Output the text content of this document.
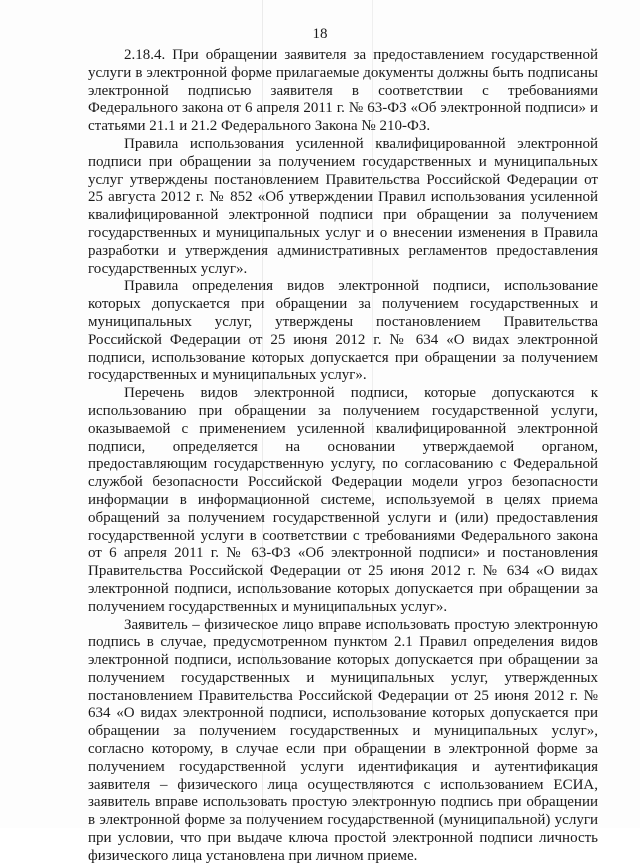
18

2.18.4. При обращении заявителя за предоставлением государственной услуги в электронной форме прилагаемые документы должны быть подписаны электронной подписью заявителя в соответствии с требованиями Федерального закона от 6 апреля 2011 г. № 63-ФЗ «Об электронной подписи» и статьями 21.1 и 21.2 Федерального Закона № 210-ФЗ.

Правила использования усиленной квалифицированной электронной подписи при обращении за получением государственных и муниципальных услуг утверждены постановлением Правительства Российской Федерации от 25 августа 2012 г. № 852 «Об утверждении Правил использования усиленной квалифицированной электронной подписи при обращении за получением государственных и муниципальных услуг и о внесении изменения в Правила разработки и утверждения административных регламентов предоставления государственных услуг».

Правила определения видов электронной подписи, использование которых допускается при обращении за получением государственных и муниципальных услуг, утверждены постановлением Правительства Российской Федерации от 25 июня 2012 г. № 634 «О видах электронной подписи, использование которых допускается при обращении за получением государственных и муниципальных услуг».

Перечень видов электронной подписи, которые допускаются к использованию при обращении за получением государственной услуги, оказываемой с применением усиленной квалифицированной электронной подписи, определяется на основании утверждаемой органом, предоставляющим государственную услугу, по согласованию с Федеральной службой безопасности Российской Федерации модели угроз безопасности информации в информационной системе, используемой в целях приема обращений за получением государственной услуги и (или) предоставления государственной услуги в соответствии с требованиями Федерального закона от 6 апреля 2011 г. № 63-ФЗ «Об электронной подписи» и постановления Правительства Российской Федерации от 25 июня 2012 г. № 634 «О видах электронной подписи, использование которых допускается при обращении за получением государственных и муниципальных услуг».

Заявитель – физическое лицо вправе использовать простую электронную подпись в случае, предусмотренном пунктом 2.1 Правил определения видов электронной подписи, использование которых допускается при обращении за получением государственных и муниципальных услуг, утвержденных постановлением Правительства Российской Федерации от 25 июня 2012 г. № 634 «О видах электронной подписи, использование которых допускается при обращении за получением государственных и муниципальных услуг», согласно которому, в случае если при обращении в электронной форме за получением государственной услуги идентификация и аутентификация заявителя – физического лица осуществляются с использованием ЕСИА, заявитель вправе использовать простую электронную подпись при обращении в электронной форме за получением государственной (муниципальной) услуги при условии, что при выдаче ключа простой электронной подписи личность физического лица установлена при личном приеме.
